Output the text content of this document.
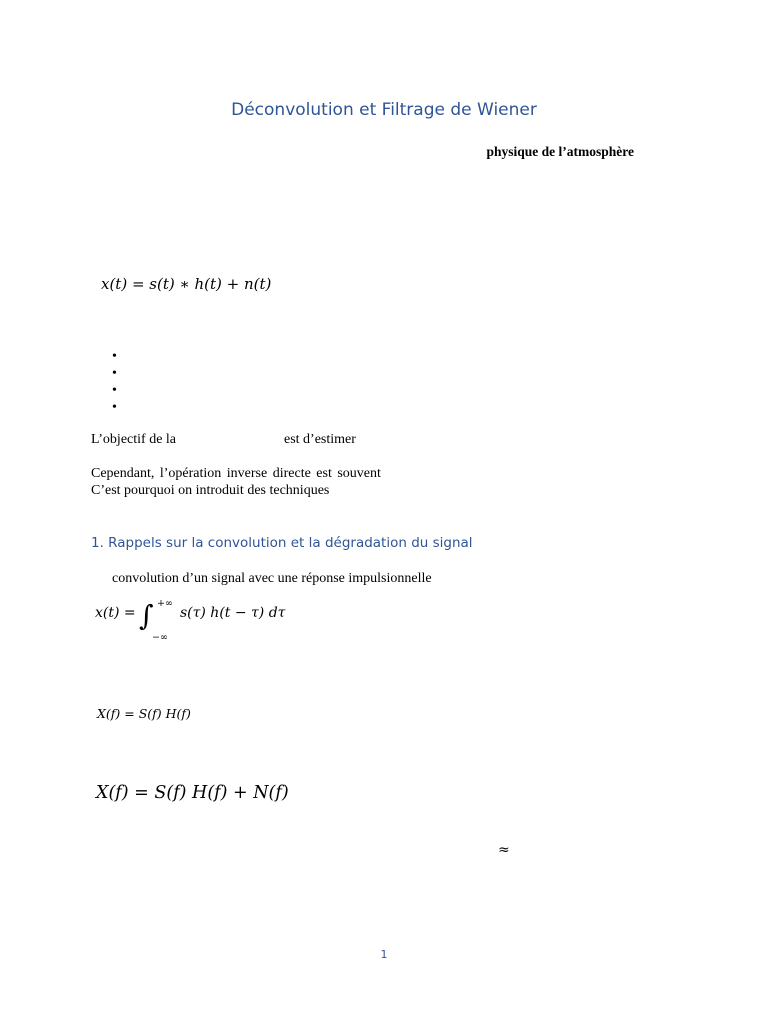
Déconvolution et Filtrage de Wiener
physique de l’atmosphère
x(t) = s(t) ∗ h(t) + n(t)
•
•
•
•
L’objectif de la	est d’estimer
Cependant, l’opération inverse directe est souvent
C’est pourquoi on introduit des techniques
1. Rappels sur la convolution et la dégradation du signal
convolution d’un signal avec une réponse impulsionnelle
x(t) = ∫ +∞
−∞
s(τ) h(t − τ) dτ
X(f) = S(f) H(f)
X(f) = S(f) H(f) + N(f)
≈
1
